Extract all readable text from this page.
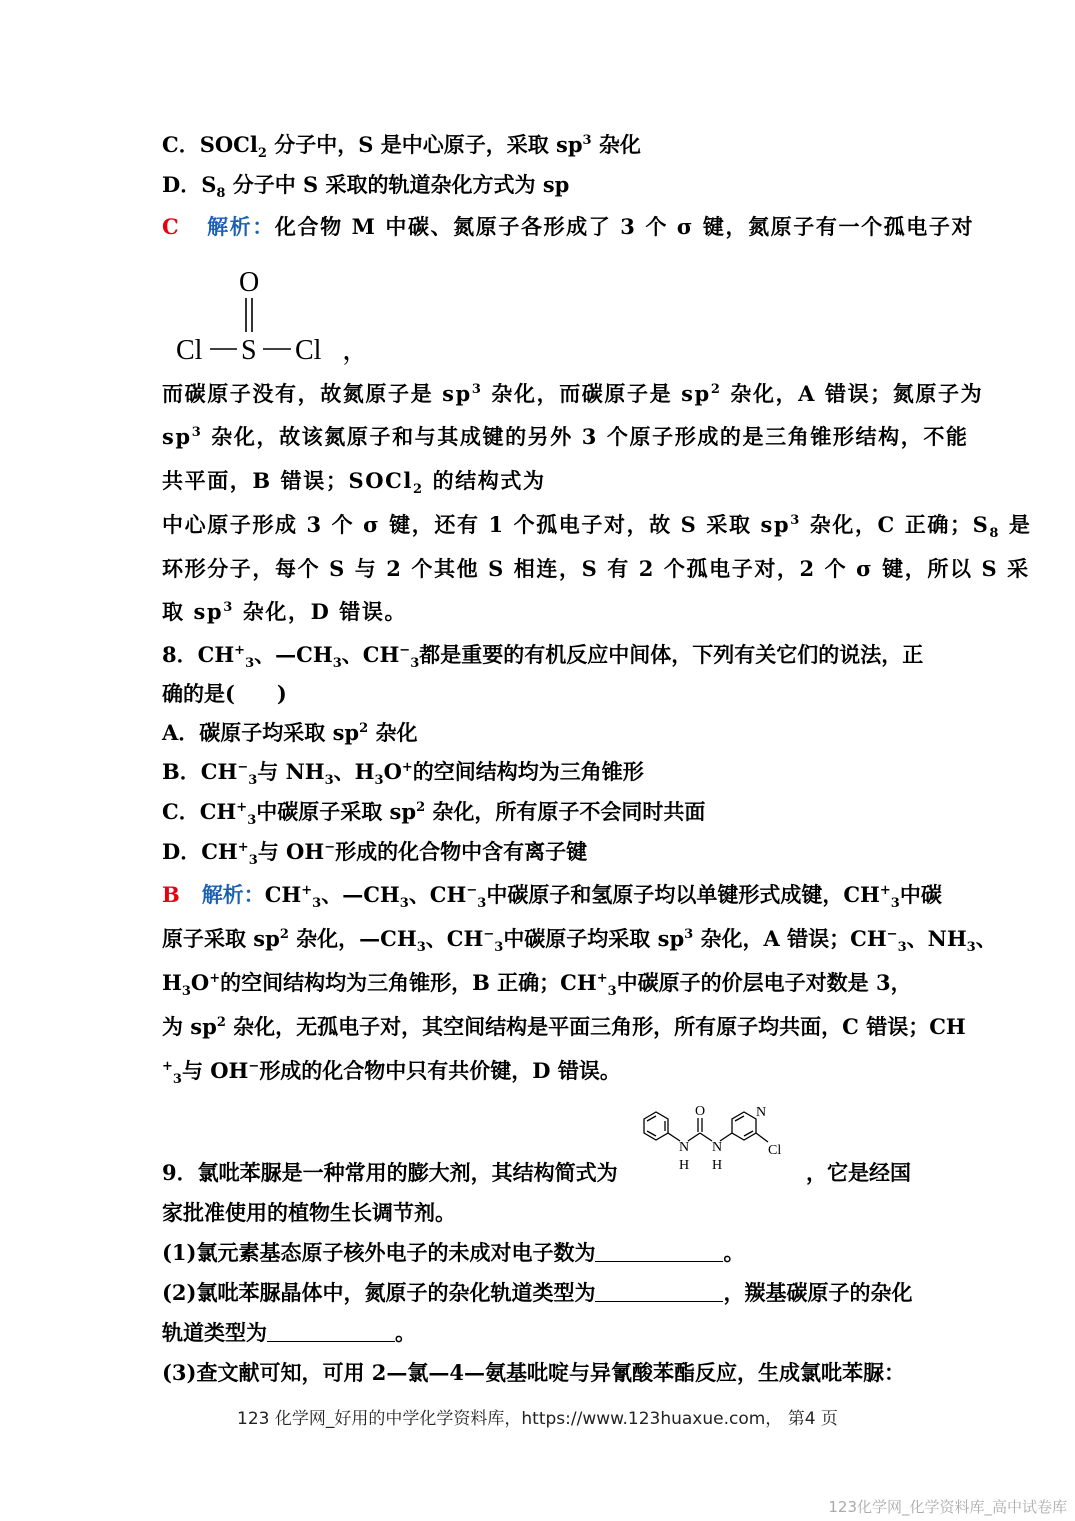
C．SOCl$_2$ 分子中，S 是中心原子，采取 $sp^3$ 杂化
D．$S_8$ 分子中 S 采取的轨道杂化方式为 sp
C 解析：化合物 M 中碳、氮原子各形成了 3 个 σ 键，氮原子有一个孤电子对
O
Cl S Cl ，
而碳原子没有，故氮原子是 $sp^3$ 杂化，而碳原子是 $sp^2$ 杂化，A 错误；氮原子为
$sp^3$ 杂化，故该氮原子和与其成键的另外 3 个原子形成的是三角锥形结构，不能
共平面，B 错误；SOCl$_2$ 的结构式为
中心原子形成 3 个 σ 键，还有 1 个孤电子对，故 S 采取 $sp^3$ 杂化，C 正确；$S_8$ 是
环形分子，每个 S 与 2 个其他 S 相连，S 有 2 个孤电子对，2 个 σ 键，所以 S 采
取 $sp^3$ 杂化，D 错误。
8．$CH^+_3$、$—CH_3$、$CH^-_3$都是重要的有机反应中间体，下列有关它们的说法，正
确的是(　　)
A．碳原子均采取 $sp^2$ 杂化
B．$CH^-_3$与 $NH_3$、$H_3O^+$的空间结构均为三角锥形
C．$CH^+_3$中碳原子采取 $sp^2$ 杂化，所有原子不会同时共面
D．$CH^+_3$与 OH−形成的化合物中含有离子键
B 解析：$CH^+_3$、$—CH_3$、$CH^-_3$中碳原子和氢原子均以单键形式成键，$CH^+_3$中碳
原子采取 $sp^2$ 杂化，$—CH_3$、$CH^-_3$中碳原子均采取 $sp^3$ 杂化，A 错误；$CH^-_3$、$NH_3$、
$H_3O^+$的空间结构均为三角锥形，B 正确；$CH^+_3$中碳原子的价层电子对数是 3，
为 $sp^2$ 杂化，无孤电子对，其空间结构是平面三角形，所有原子均共面，C 错误；CH
+$_3$与 OH−形成的化合物中只有共价键，D 错误。
9．氯吡苯脲是一种常用的膨大剂，其结构简式为
O
N
H
N
H
N
Cl
，它是经国
家批准使用的植物生长调节剂。
(1)氯元素基态原子核外电子的未成对电子数为	。
(2)氯吡苯脲晶体中，氮原子的杂化轨道类型为	，羰基碳原子的杂化
轨道类型为	。
(3)查文献可知，可用 2—氯—4—氨基吡啶与异氰酸苯酯反应，生成氯吡苯脲：
123 化学网_好用的中学化学资料库，https://www.123huaxue.com， 第4 页
123化学网_化学资料库_高中试卷库
